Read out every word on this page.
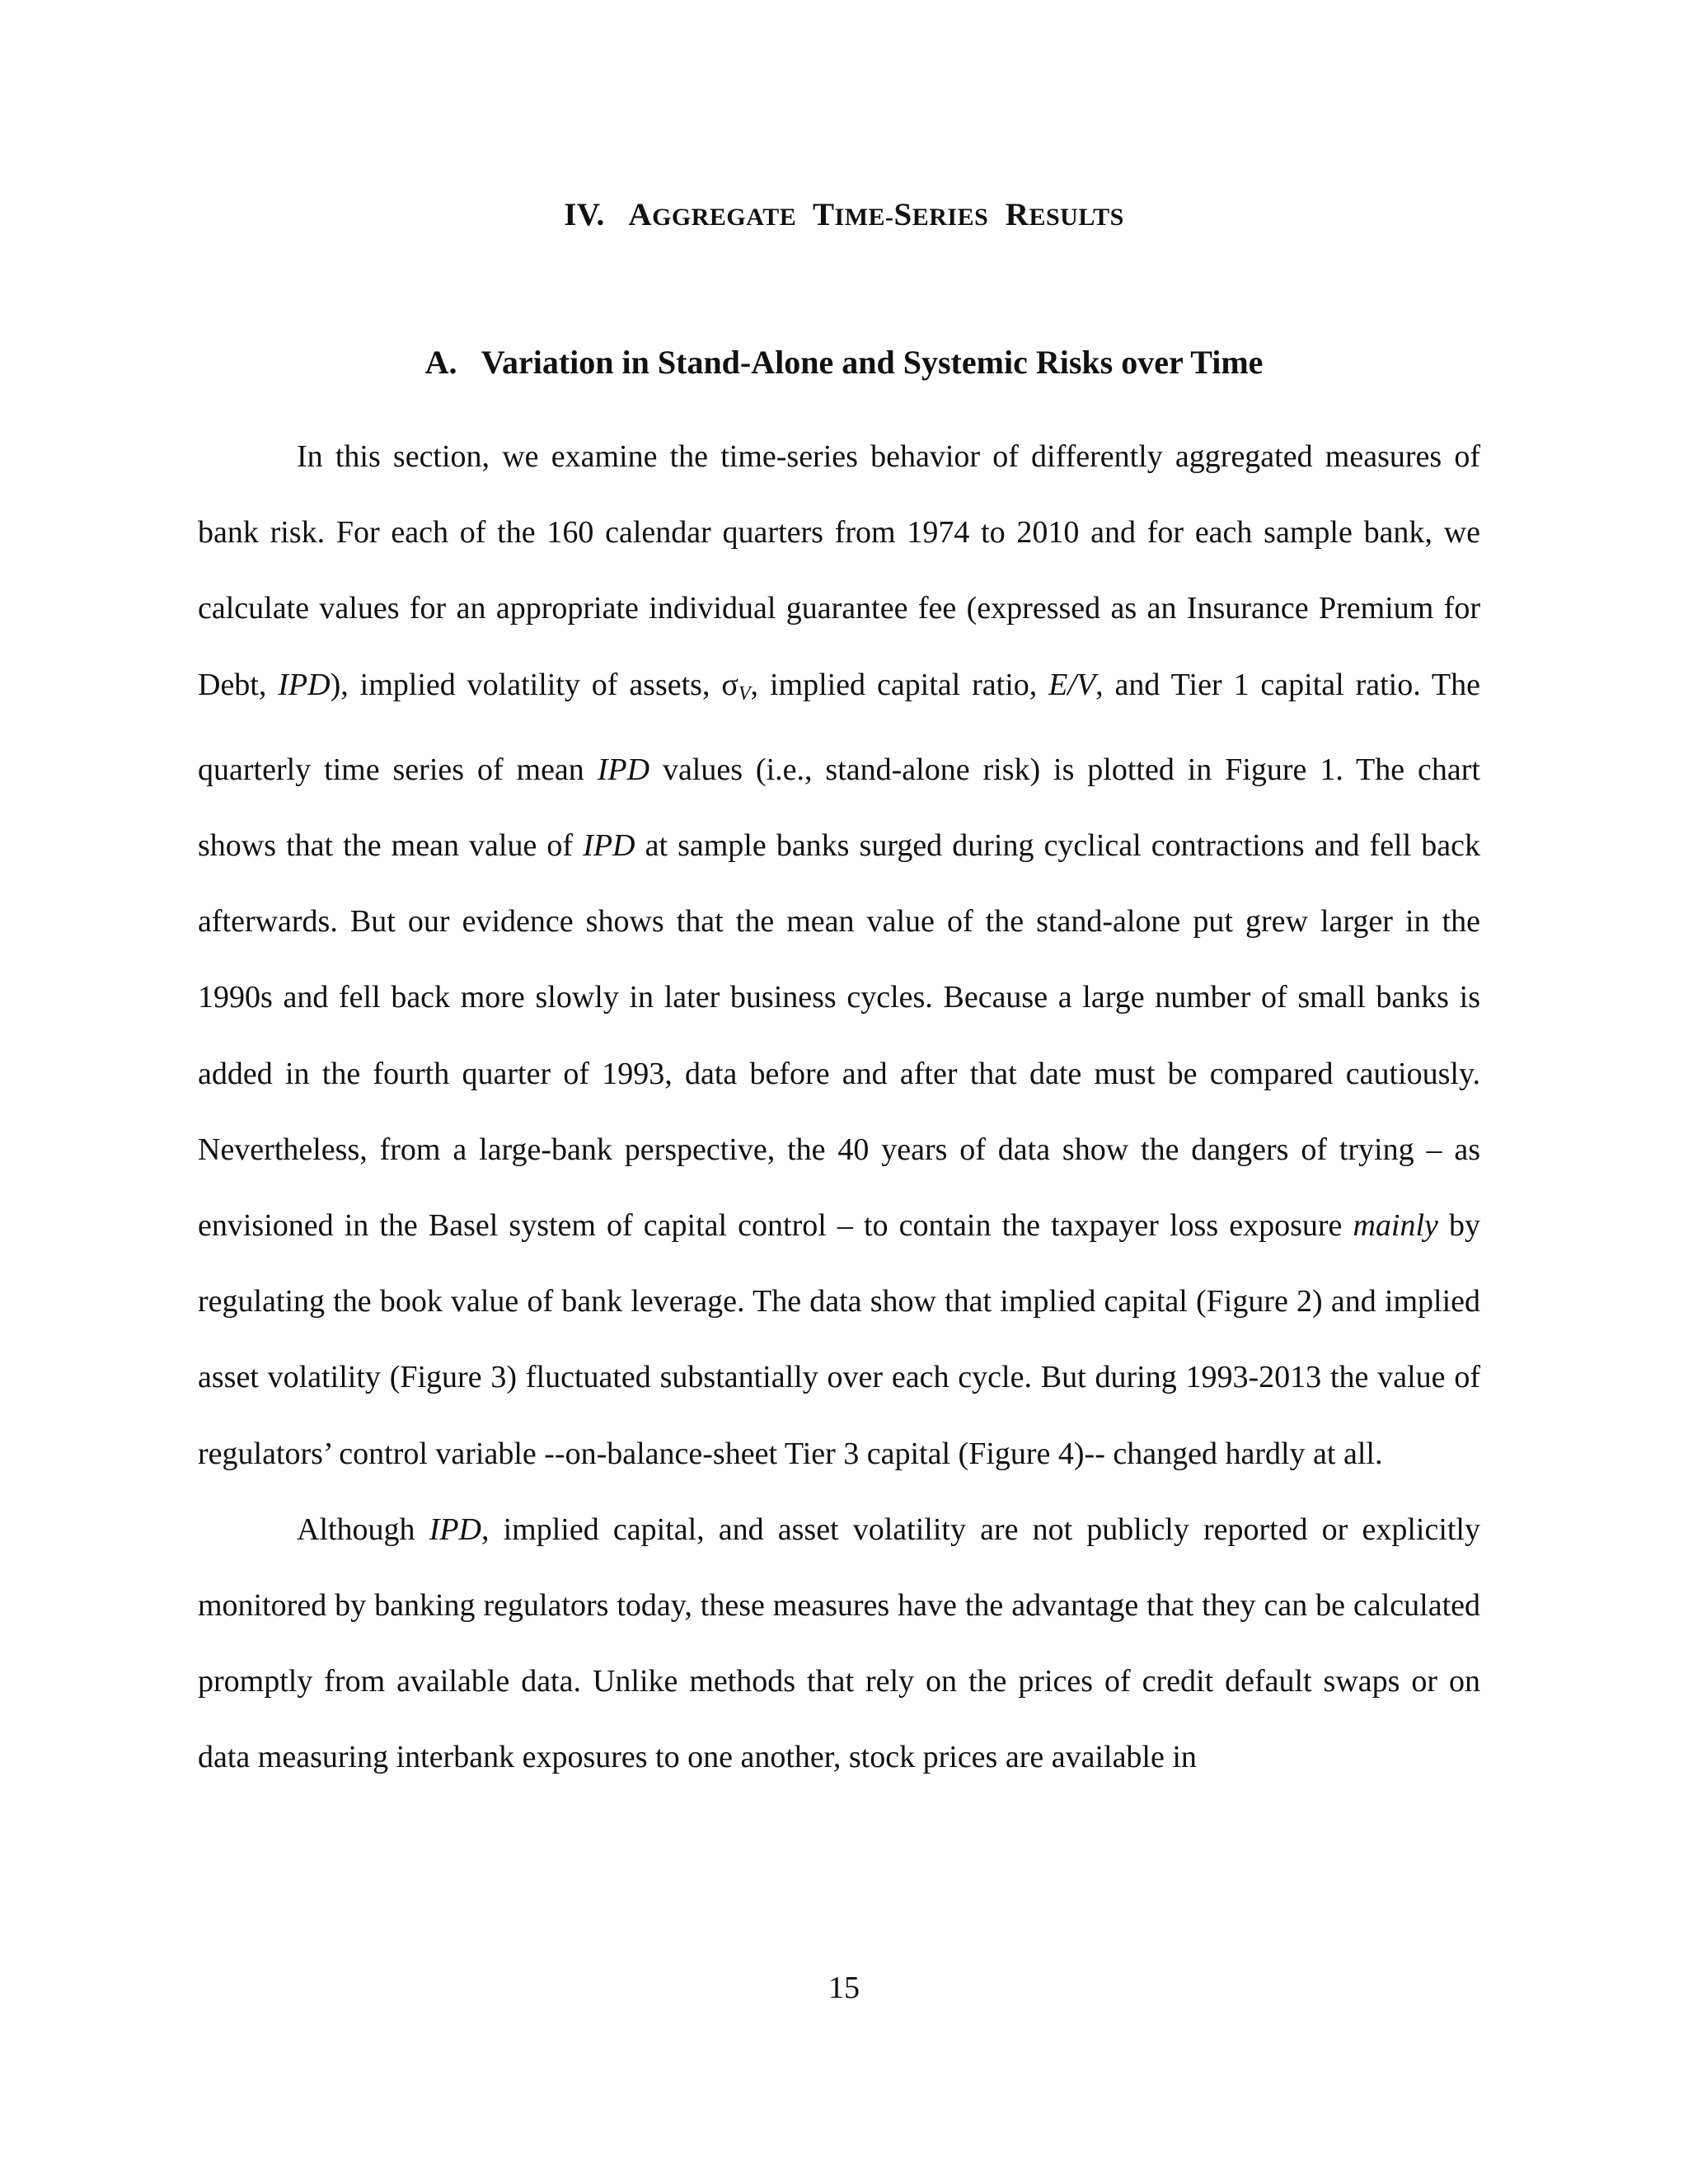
IV. AGGREGATE TIME-SERIES RESULTS
A. Variation in Stand-Alone and Systemic Risks over Time

In this section, we examine the time-series behavior of differently aggregated measures of bank risk. For each of the 160 calendar quarters from 1974 to 2010 and for each sample bank, we calculate values for an appropriate individual guarantee fee (expressed as an Insurance Premium for Debt, IPD), implied volatility of assets, $\sigma_V$, implied capital ratio, E/V, and Tier 1 capital ratio. The quarterly time series of mean IPD values (i.e., stand-alone risk) is plotted in Figure 1. The chart shows that the mean value of IPD at sample banks surged during cyclical contractions and fell back afterwards. But our evidence shows that the mean value of the stand-alone put grew larger in the 1990s and fell back more slowly in later business cycles. Because a large number of small banks is added in the fourth quarter of 1993, data before and after that date must be compared cautiously. Nevertheless, from a large-bank perspective, the 40 years of data show the dangers of trying – as envisioned in the Basel system of capital control – to contain the taxpayer loss exposure mainly by regulating the book value of bank leverage. The data show that implied capital (Figure 2) and implied asset volatility (Figure 3) fluctuated substantially over each cycle. But during 1993-2013 the value of regulators’ control variable --on-balance-sheet Tier 3 capital (Figure 4)-- changed hardly at all.

Although IPD, implied capital, and asset volatility are not publicly reported or explicitly monitored by banking regulators today, these measures have the advantage that they can be calculated promptly from available data. Unlike methods that rely on the prices of credit default swaps or on data measuring interbank exposures to one another, stock prices are available in

15
